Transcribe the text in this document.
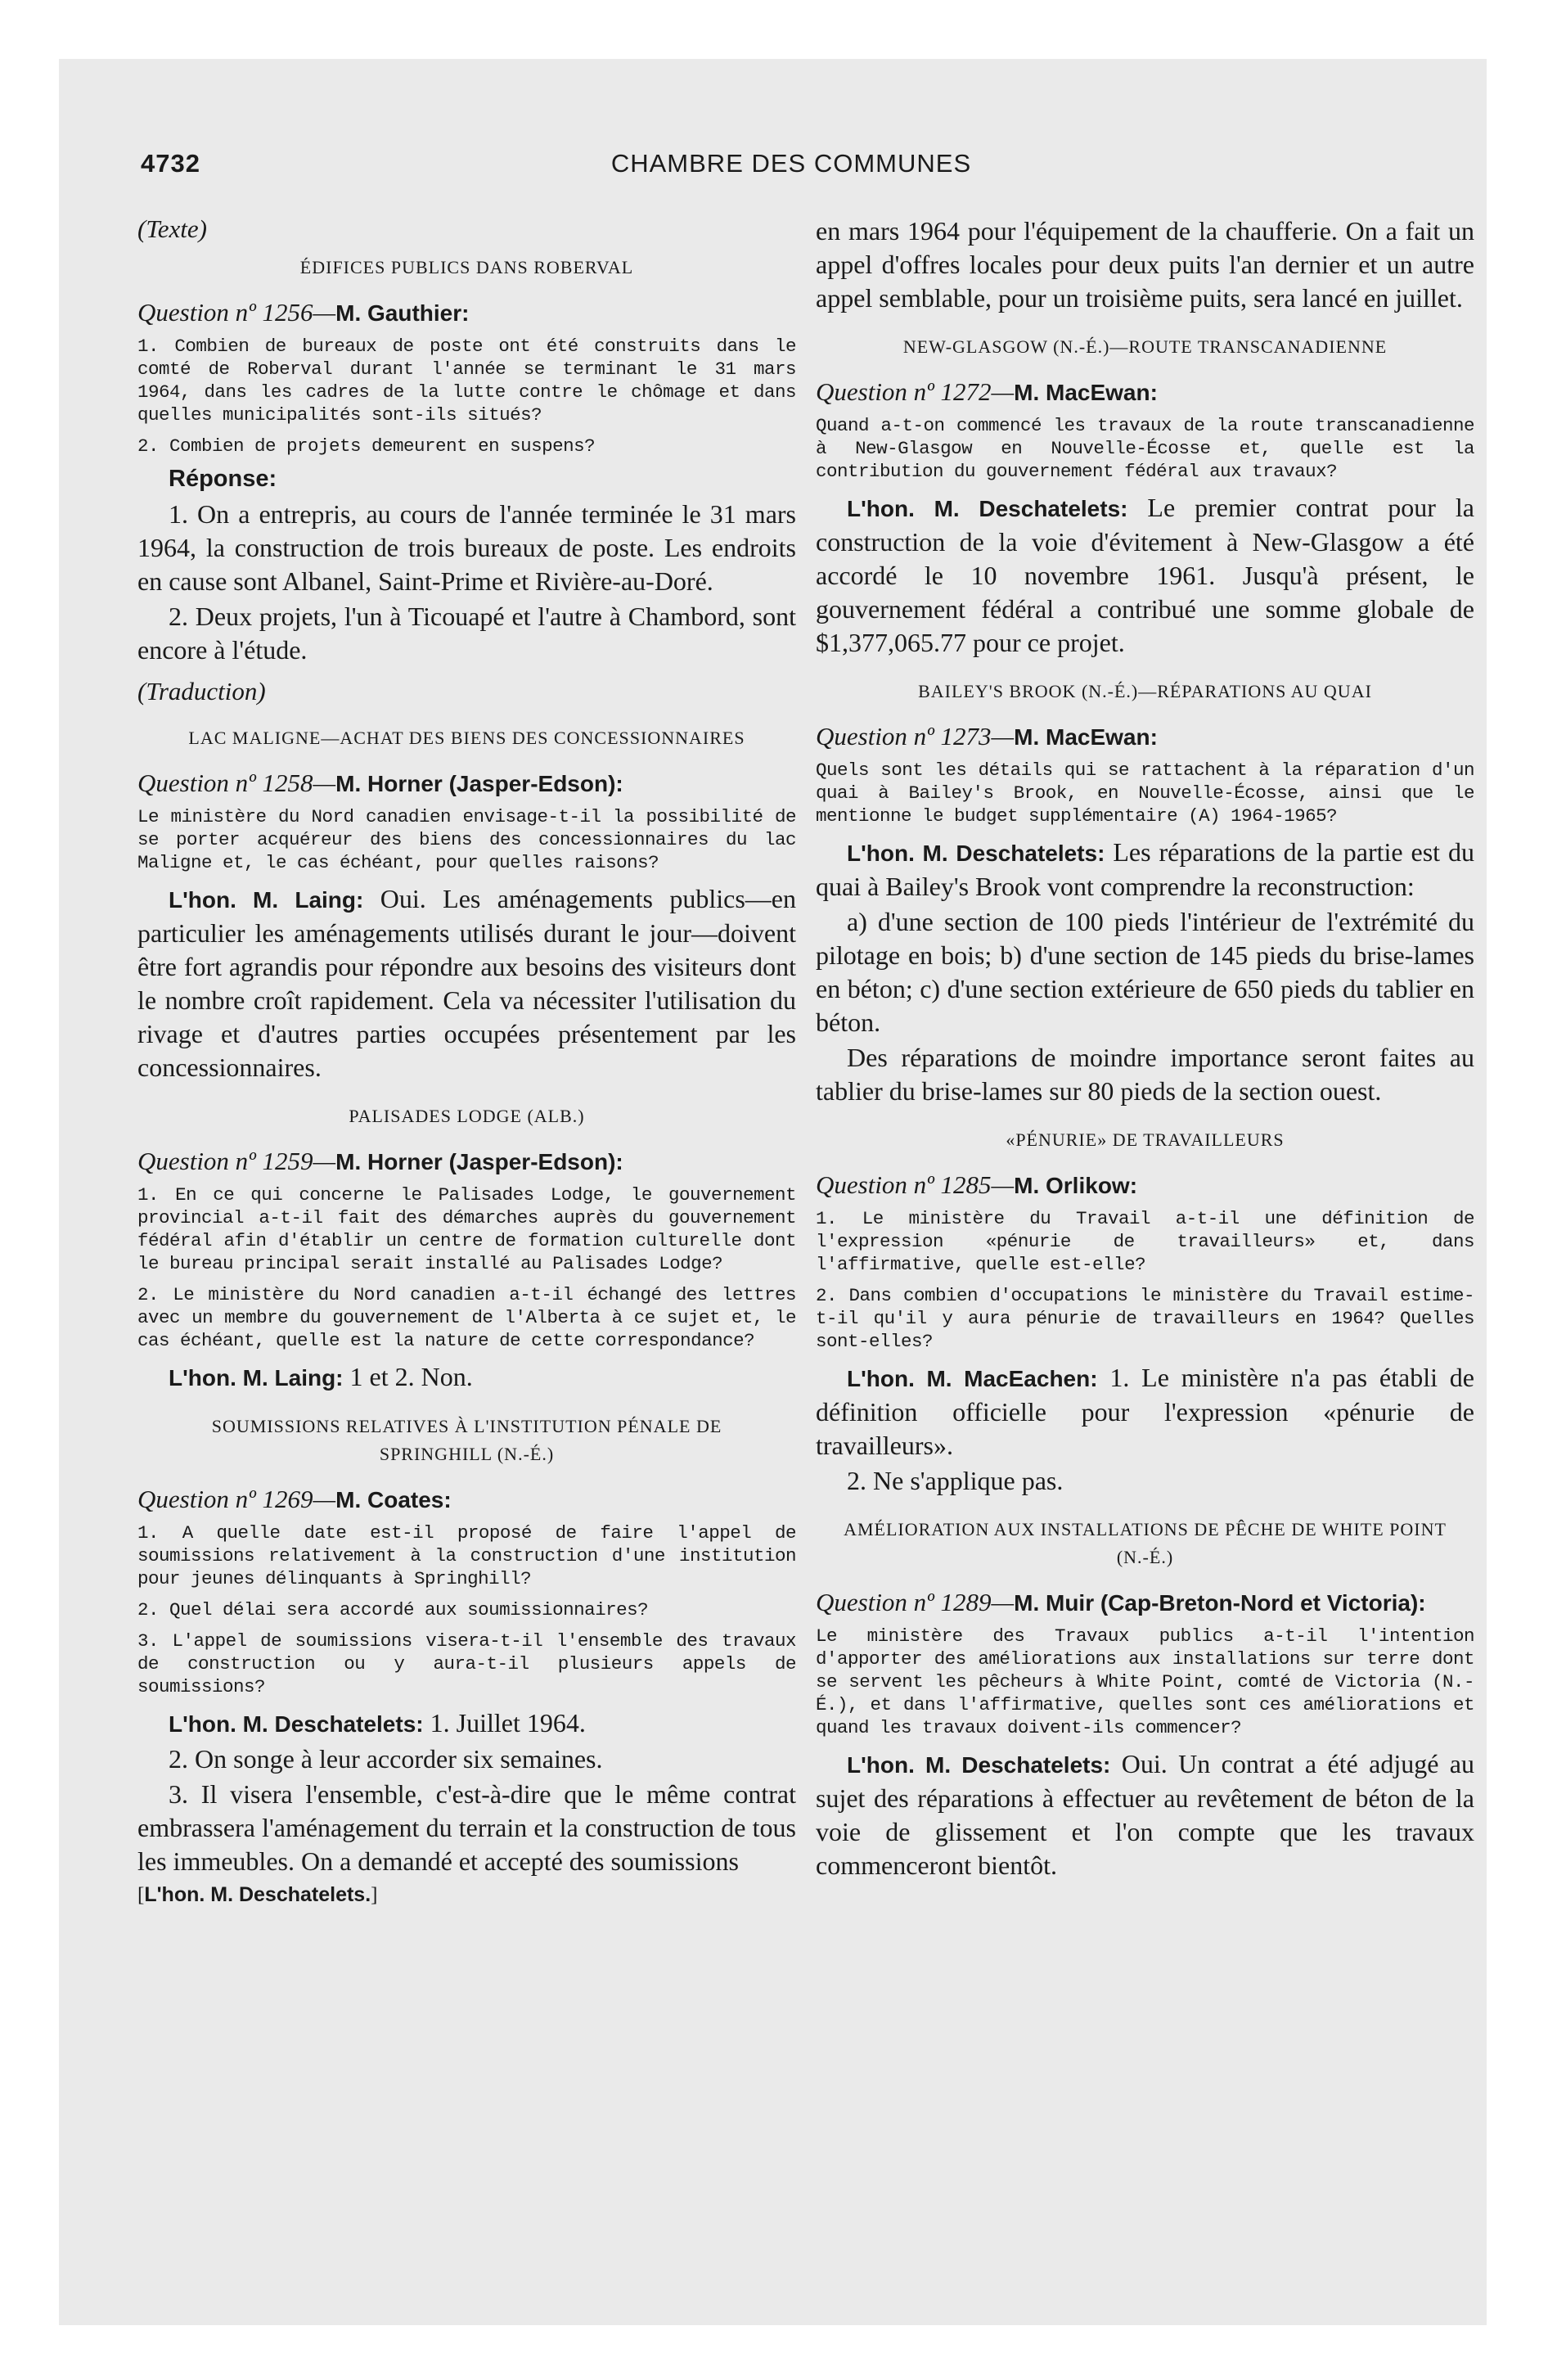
4732	CHAMBRE DES COMMUNES
(Texte)
ÉDIFICES PUBLICS DANS ROBERVAL
Question nº 1256—M. Gauthier:

1. Combien de bureaux de poste ont été construits dans le comté de Roberval durant l'année se terminant le 31 mars 1964, dans les cadres de la lutte contre le chômage et dans quelles municipalités sont-ils situés?

2. Combien de projets demeurent en suspens?

Réponse:

1. On a entrepris, au cours de l'année terminée le 31 mars 1964, la construction de trois bureaux de poste. Les endroits en cause sont Albanel, Saint-Prime et Rivière-au-Doré.

2. Deux projets, l'un à Ticouapé et l'autre à Chambord, sont encore à l'étude.

(Traduction)
LAC MALIGNE—ACHAT DES BIENS DES CONCESSIONNAIRES
Question nº 1258—M. Horner (Jasper-Edson):

Le ministère du Nord canadien envisage-t-il la possibilité de se porter acquéreur des biens des concessionnaires du lac Maligne et, le cas échéant, pour quelles raisons?

L'hon. M. Laing: Oui. Les aménagements publics—en particulier les aménagements utilisés durant le jour—doivent être fort agrandis pour répondre aux besoins des visiteurs dont le nombre croît rapidement. Cela va nécessiter l'utilisation du rivage et d'autres parties occupées présentement par les concessionnaires.

PALISADES LODGE (ALB.)
Question nº 1259—M. Horner (Jasper-Edson):

1. En ce qui concerne le Palisades Lodge, le gouvernement provincial a-t-il fait des démarches auprès du gouvernement fédéral afin d'établir un centre de formation culturelle dont le bureau principal serait installé au Palisades Lodge?

2. Le ministère du Nord canadien a-t-il échangé des lettres avec un membre du gouvernement de l'Alberta à ce sujet et, le cas échéant, quelle est la nature de cette correspondance?

L'hon. M. Laing: 1 et 2. Non.

SOUMISSIONS RELATIVES À L'INSTITUTION PÉNALE DE SPRINGHILL (N.-É.)
Question nº 1269—M. Coates:

1. A quelle date est-il proposé de faire l'appel de soumissions relativement à la construction d'une institution pour jeunes délinquants à Springhill?

2. Quel délai sera accordé aux soumissionnaires?

3. L'appel de soumissions visera-t-il l'ensemble des travaux de construction ou y aura-t-il plusieurs appels de soumissions?

L'hon. M. Deschatelets: 1. Juillet 1964.

2. On songe à leur accorder six semaines.

3. Il visera l'ensemble, c'est-à-dire que le même contrat embrassera l'aménagement du terrain et la construction de tous les immeubles. On a demandé et accepté des soumissions

[L'hon. M. Deschatelets.]

en mars 1964 pour l'équipement de la chaufferie. On a fait un appel d'offres locales pour deux puits l'an dernier et un autre appel semblable, pour un troisième puits, sera lancé en juillet.

NEW-GLASGOW (N.-É.)—ROUTE TRANSCANADIENNE
Question nº 1272—M. MacEwan:

Quand a-t-on commencé les travaux de la route transcanadienne à New-Glasgow en Nouvelle-Écosse et, quelle est la contribution du gouvernement fédéral aux travaux?

L'hon. M. Deschatelets: Le premier contrat pour la construction de la voie d'évitement à New-Glasgow a été accordé le 10 novembre 1961. Jusqu'à présent, le gouvernement fédéral a contribué une somme globale de $1,377,065.77 pour ce projet.

BAILEY'S BROOK (N.-É.)—RÉPARATIONS AU QUAI
Question nº 1273—M. MacEwan:

Quels sont les détails qui se rattachent à la réparation d'un quai à Bailey's Brook, en Nouvelle-Écosse, ainsi que le mentionne le budget supplémentaire (A) 1964-1965?

L'hon. M. Deschatelets: Les réparations de la partie est du quai à Bailey's Brook vont comprendre la reconstruction:

a) d'une section de 100 pieds l'intérieur de l'extrémité du pilotage en bois; b) d'une section de 145 pieds du brise-lames en béton; c) d'une section extérieure de 650 pieds du tablier en béton.

Des réparations de moindre importance seront faites au tablier du brise-lames sur 80 pieds de la section ouest.

«PÉNURIE» DE TRAVAILLEURS
Question nº 1285—M. Orlikow:

1. Le ministère du Travail a-t-il une définition de l'expression «pénurie de travailleurs» et, dans l'affirmative, quelle est-elle?

2. Dans combien d'occupations le ministère du Travail estime-t-il qu'il y aura pénurie de travailleurs en 1964? Quelles sont-elles?

L'hon. M. MacEachen: 1. Le ministère n'a pas établi de définition officielle pour l'expression «pénurie de travailleurs».

2. Ne s'applique pas.

AMÉLIORATION AUX INSTALLATIONS DE PÊCHE DE WHITE POINT (N.-É.)
Question nº 1289—M. Muir (Cap-Breton-Nord et Victoria):

Le ministère des Travaux publics a-t-il l'intention d'apporter des améliorations aux installations sur terre dont se servent les pêcheurs à White Point, comté de Victoria (N.-É.), et dans l'affirmative, quelles sont ces améliorations et quand les travaux doivent-ils commencer?

L'hon. M. Deschatelets: Oui. Un contrat a été adjugé au sujet des réparations à effectuer au revêtement de béton de la voie de glissement et l'on compte que les travaux commenceront bientôt.
